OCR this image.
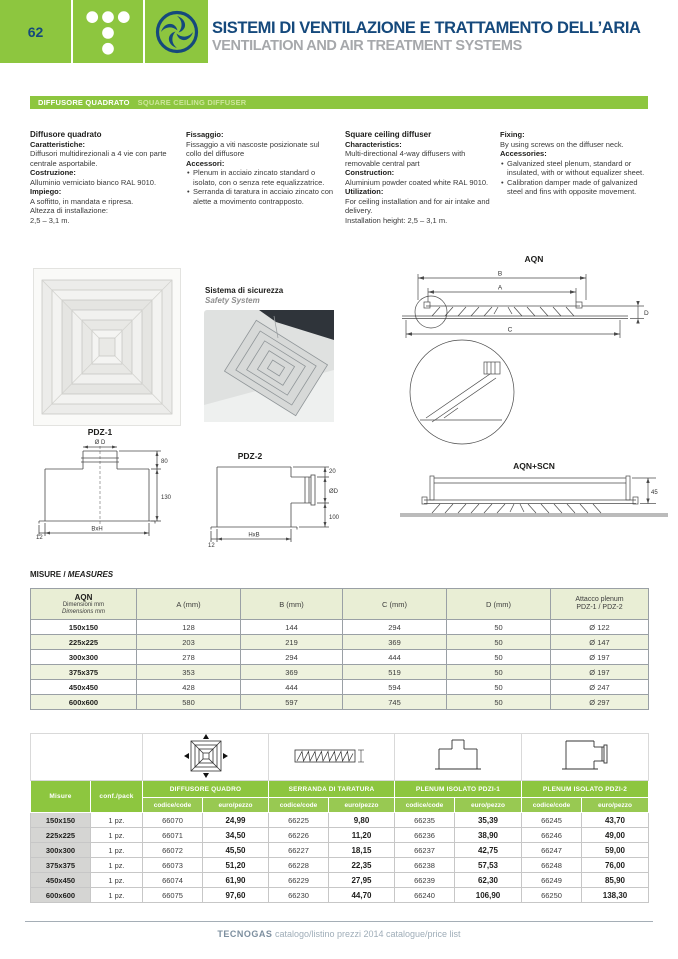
62	SISTEMI DI VENTILAZIONE E TRATTAMENTO DELL’ARIA
VENTILATION AND AIR TREATMENT SYSTEMS
DIFFUSORE QUADRATO SQUARE CEILING DIFFUSER
Diffusore quadrato
Caratteristiche:
Diffusori multidirezionali a 4 vie con parte centrale asportabile.
Costruzione:
Alluminio verniciato bianco RAL 9010.
Impiego:
A soffitto, in mandata e ripresa.
Altezza di installazione:
2,5 – 3,1 m.
Fissaggio:
Fissaggio a viti nascoste posizionate sul collo del diffusore
Accessori:
• Plenum in acciaio zincato standard o isolato, con o senza rete equalizzatrice.
• Serranda di taratura in acciaio zincato con alette a movimento contrapposto.
Square ceiling diffuser
Characteristics:
Multi-directional 4-way diffusers with removable central part
Construction:
Aluminium powder coated white RAL 9010.
Utilization:
For ceiling installation and for air intake and delivery.
Installation height: 2,5 – 3,1 m.
Fixing:
By using screws on the diffuser neck.
Accessories:
• Galvanized steel plenum, standard or insulated, with or without equalizer sheet.
• Calibration damper made of galvanized steel and fins with opposite movement.
Sistema di sicurezza
Safety System
AQN
B
A
C
D
PDZ-1
Ø D
80
130
BxH
12
PDZ-2
20
ØD
100
HxB
12
AQN+SCN
45
MISURE / MEASURES
AQN
Dimensioni mm
Dimensions mm	A (mm)	B (mm)	C (mm)	D (mm)	Attacco plenum
PDZ-1 / PDZ-2

150x150	128	144	294	50	Ø 122
225x225	203	219	369	50	Ø 147
300x300	278	294	444	50	Ø 197
375x375	353	369	519	50	Ø 197
450x450	428	444	594	50	Ø 247
600x600	580	597	745	50	Ø 297

Misure	conf./pack	DIFFUSORE QUADRO		SERRANDA DI TARATURA		PLENUM ISOLATO PDZI-1		PLENUM ISOLATO PDZI-2	
		codice/code	euro/pezzo	codice/code	euro/pezzo	codice/code	euro/pezzo	codice/code	euro/pezzo
150x150	1 pz.	66070	24,99	66225	9,80	66235	35,39	66245	43,70
225x225	1 pz.	66071	34,50	66226	11,20	66236	38,90	66246	49,00
300x300	1 pz.	66072	45,50	66227	18,15	66237	42,75	66247	59,00
375x375	1 pz.	66073	51,20	66228	22,35	66238	57,53	66248	76,00
450x450	1 pz.	66074	61,90	66229	27,95	66239	62,30	66249	85,90
600x600	1 pz.	66075	97,60	66230	44,70	66240	106,90	66250	138,30
TECNOGAS catalogo/listino prezzi 2014 catalogue/price list
